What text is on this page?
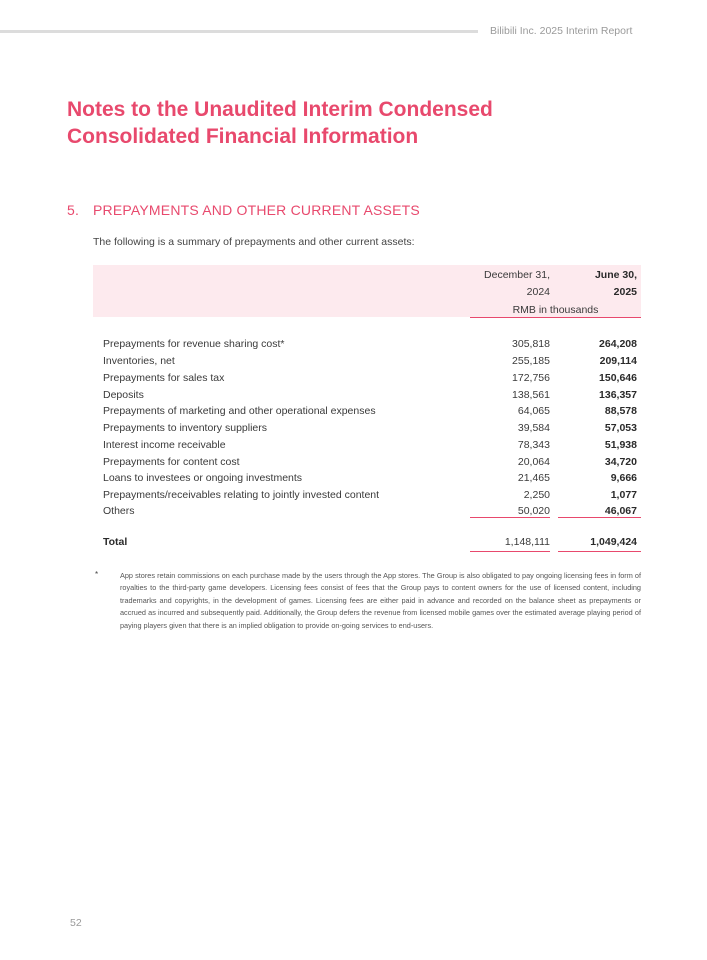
Bilibili Inc. 2025 Interim Report
Notes to the Unaudited Interim Condensed Consolidated Financial Information
5. PREPAYMENTS AND OTHER CURRENT ASSETS
The following is a summary of prepayments and other current assets:
December 31,	June 30,
2024	2025
RMB in thousands
Prepayments for revenue sharing cost*	305,818	264,208
Inventories, net	255,185	209,114
Prepayments for sales tax	172,756	150,646
Deposits	138,561	136,357
Prepayments of marketing and other operational expenses	64,065	88,578
Prepayments to inventory suppliers	39,584	57,053
Interest income receivable	78,343	51,938
Prepayments for content cost	20,064	34,720
Loans to investees or ongoing investments	21,465	9,666
Prepayments/receivables relating to jointly invested content	2,250	1,077
Others	50,020	46,067
Total	1,148,111	1,049,424
*	App stores retain commissions on each purchase made by the users through the App stores. The Group is also obligated to pay ongoing licensing fees in form of royalties to the third-party game developers. Licensing fees consist of fees that the Group pays to content owners for the use of licensed content, including trademarks and copyrights, in the development of games. Licensing fees are either paid in advance and recorded on the balance sheet as prepayments or accrued as incurred and subsequently paid. Additionally, the Group defers the revenue from licensed mobile games over the estimated average playing period of paying players given that there is an implied obligation to provide on-going services to end-users.

52
